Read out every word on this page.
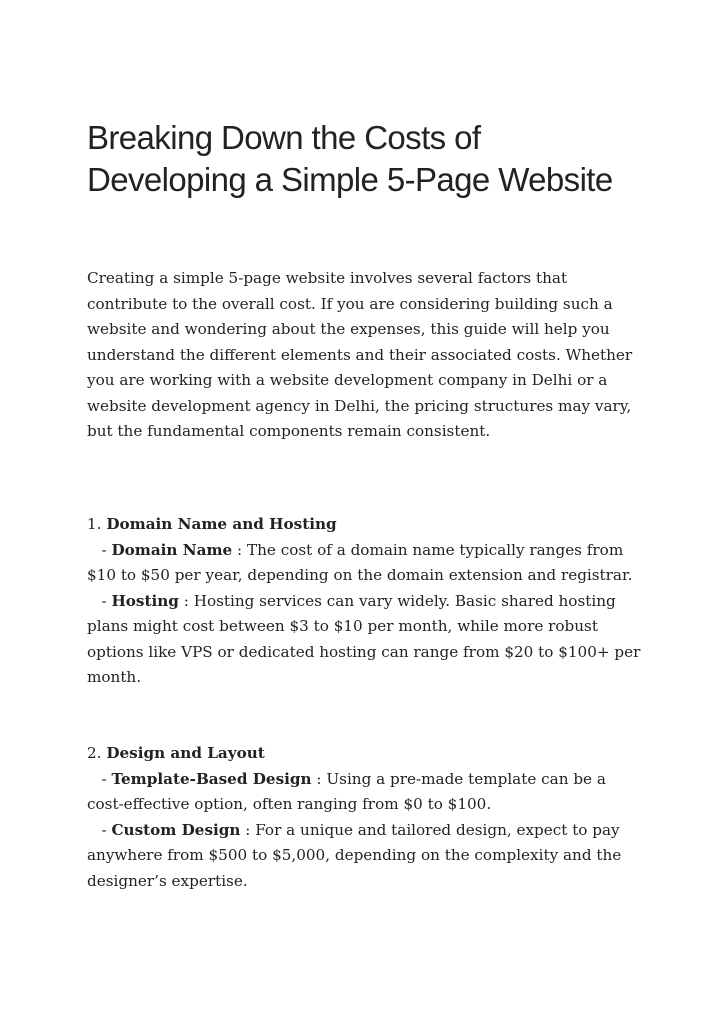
Breaking Down the Costs of Developing a Simple 5-Page Website

Creating a simple 5-page website involves several factors that contribute to the overall cost. If you are considering building such a website and wondering about the expenses, this guide will help you understand the different elements and their associated costs. Whether you are working with a website development company in Delhi or a website development agency in Delhi, the pricing structures may vary, but the fundamental components remain consistent.

1. Domain Name and Hosting
- Domain Name : The cost of a domain name typically ranges from $10 to $50 per year, depending on the domain extension and registrar.
- Hosting : Hosting services can vary widely. Basic shared hosting plans might cost between $3 to $10 per month, while more robust options like VPS or dedicated hosting can range from $20 to $100+ per month.
2. Design and Layout
- Template-Based Design : Using a pre-made template can be a cost-effective option, often ranging from $0 to $100.
- Custom Design : For a unique and tailored design, expect to pay anywhere from $500 to $5,000, depending on the complexity and the designer’s expertise.
